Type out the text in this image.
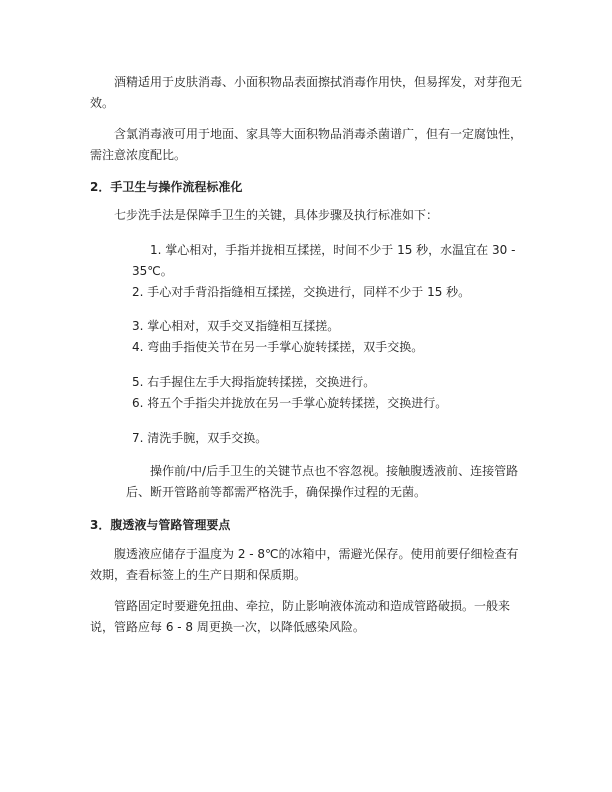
酒精适用于皮肤消毒、小面积物品表面擦拭消毒作用快，但易挥发，对芽孢无效。

含氯消毒液可用于地面、家具等大面积物品消毒杀菌谱广，但有一定腐蚀性，需注意浓度配比。

2．手卫生与操作流程标准化

七步洗手法是保障手卫生的关键，具体步骤及执行标准如下：

1. 掌心相对，手指并拢相互揉搓，时间不少于 15 秒，水温宜在 30 - 35℃。

2. 手心对手背沿指缝相互揉搓，交换进行，同样不少于 15 秒。

3. 掌心相对，双手交叉指缝相互揉搓。

4. 弯曲手指使关节在另一手掌心旋转揉搓，双手交换。

5. 右手握住左手大拇指旋转揉搓，交换进行。

6. 将五个手指尖并拢放在另一手掌心旋转揉搓，交换进行。

7. 清洗手腕，双手交换。

操作前/中/后手卫生的关键节点也不容忽视。接触腹透液前、连接管路后、断开管路前等都需严格洗手，确保操作过程的无菌。

3．腹透液与管路管理要点

腹透液应储存于温度为 2 - 8℃的冰箱中，需避光保存。使用前要仔细检查有效期，查看标签上的生产日期和保质期。

管路固定时要避免扭曲、牵拉，防止影响液体流动和造成管路破损。一般来说，管路应每 6 - 8 周更换一次，以降低感染风险。
